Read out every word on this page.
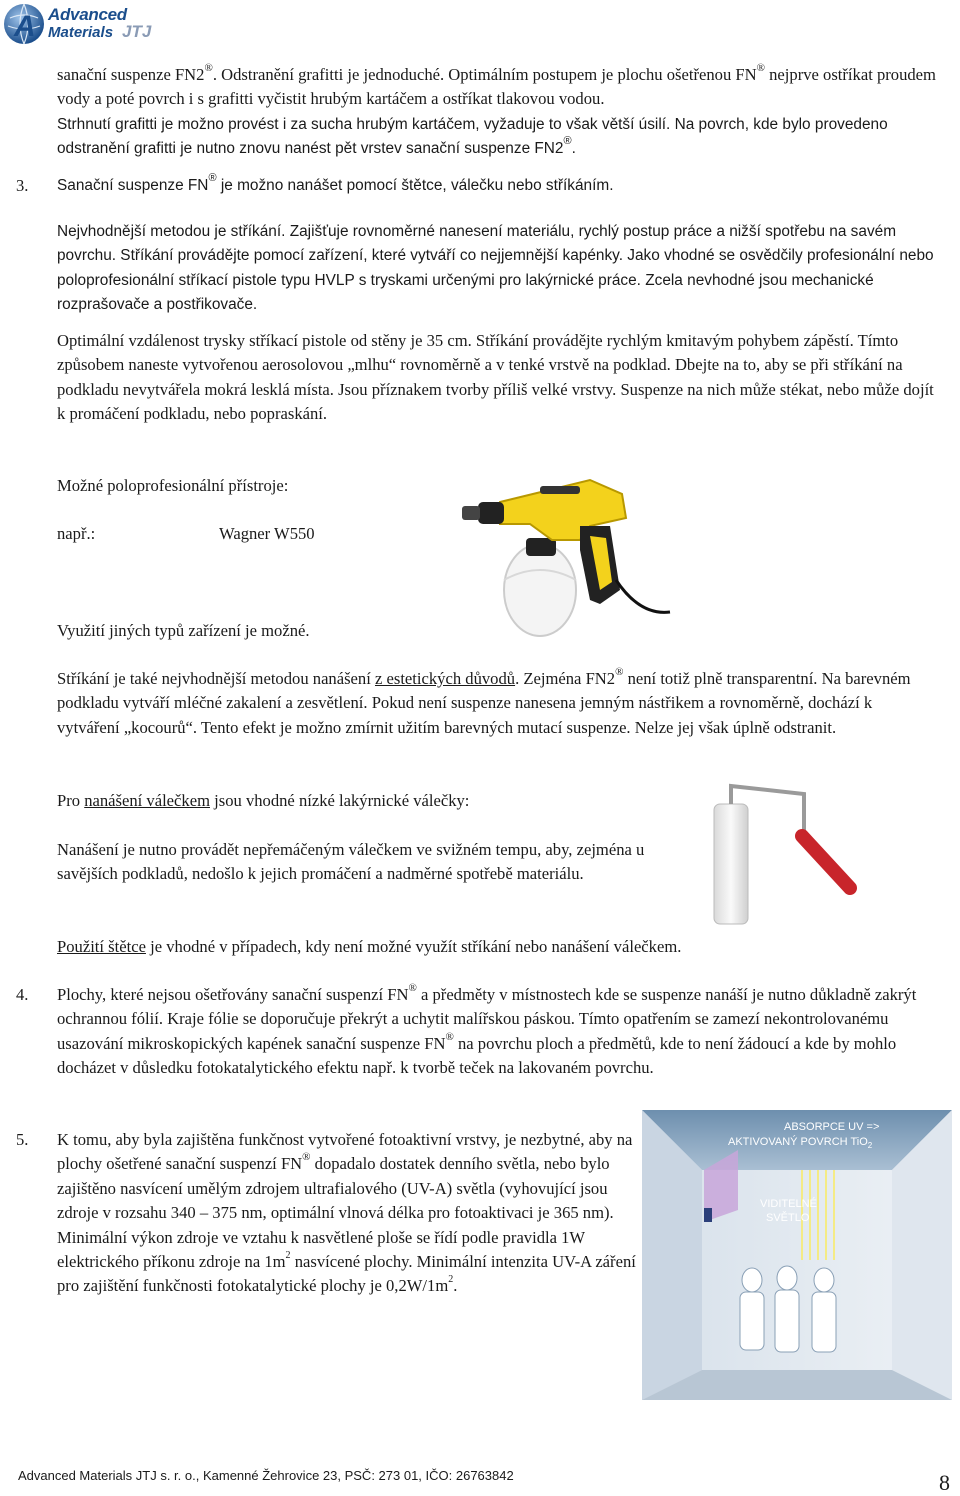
A Advanced
Materials JTJ

sanační suspenze FN2®. Odstranění grafitti je jednoduché. Optimálním postupem je plochu ošetřenou FN® nejprve ostříkat proudem vody a poté povrch i s grafitti vyčistit hrubým kartáčem a ostříkat tlakovou vodou.

Strhnutí grafitti je možno provést i za sucha hrubým kartáčem, vyžaduje to však větší úsilí. Na povrch, kde bylo provedeno odstranění grafitti je nutno znovu nanést pět vrstev sanační suspenze FN2®.

3. Sanační suspenze FN® je možno nanášet pomocí štětce, válečku nebo stříkáním.

Nejvhodnější metodou je stříkání. Zajišťuje rovnoměrné nanesení materiálu, rychlý postup práce a nižší spotřebu na savém povrchu. Stříkání provádějte pomocí zařízení, které vytváří co nejjemnější kapénky. Jako vhodné se osvědčily profesionální nebo poloprofesionální stříkací pistole typu HVLP s tryskami určenými pro lakýrnické práce. Zcela nevhodné jsou mechanické rozprašovače a postřikovače.

Optimální vzdálenost trysky stříkací pistole od stěny je 35 cm. Stříkání provádějte rychlým kmitavým pohybem zápěstí. Tímto způsobem naneste vytvořenou aerosolovou „mlhu“ rovnoměrně a v tenké vrstvě na podklad. Dbejte na to, aby se při stříkání na podkladu nevytvářela mokrá lesklá místa. Jsou příznakem tvorby příliš velké vrstvy. Suspenze na nich může stékat, nebo může dojít k promáčení podkladu, nebo popraskání.

Možné poloprofesionální přístroje:

např.:	Wagner W550

Využití jiných typů zařízení je možné.

Stříkání je také nejvhodnější metodou nanášení z estetických důvodů. Zejména FN2® není totiž plně transparentní. Na barevném podkladu vytváří mléčné zakalení a zesvětlení. Pokud není suspenze nanesena jemným nástřikem a rovnoměrně, dochází k vytváření „kocourů“. Tento efekt je možno zmírnit užitím barevných mutací suspenze. Nelze jej však úplně odstranit.

Pro nanášení válečkem jsou vhodné nízké lakýrnické válečky:

Nanášení je nutno provádět nepřemáčeným válečkem ve svižném tempu, aby, zejména u savějších podkladů, nedošlo k jejich promáčení a nadměrné spotřebě materiálu.

Použití štětce je vhodné v případech, kdy není možné využít stříkání nebo nanášení válečkem.

4. Plochy, které nejsou ošetřovány sanační suspenzí FN® a předměty v místnostech kde se suspenze nanáší je nutno důkladně zakrýt ochrannou fólií. Kraje fólie se doporučuje překrýt a uchytit malířskou páskou. Tímto opatřením se zamezí nekontrolovanému usazování mikroskopických kapének sanační suspenze FN® na povrchu ploch a předmětů, kde to není žádoucí a kde by mohlo docházet v důsledku fotokatalytického efektu např. k tvorbě teček na lakovaném povrchu.

5. K tomu, aby byla zajištěna funkčnost vytvořené fotoaktivní vrstvy, je nezbytné, aby na plochy ošetřené sanační suspenzí FN® dopadalo dostatek denního světla, nebo bylo zajištěno nasvícení umělým zdrojem ultrafialového (UV-A) světla (vyhovující jsou zdroje v rozsahu 340 – 375 nm, optimální vlnová délka pro fotoaktivaci je 365 nm). Minimální výkon zdroje ve vztahu k nasvětlené ploše se řídí podle pravidla 1W elektrického příkonu zdroje na $1m^2$ nasvícené plochy. Minimální intenzita UV-A záření pro zajištění funkčnosti fotokatalytické plochy je $0,2W/1m^2$.

ABSORPCE UV =>
AKTIVOVANÝ POVRCH TiO$_2$
VIDITELNÉ
SVĚTLO
Advanced Materials JTJ s. r. o., Kamenné Žehrovice 23, PSČ: 273 01, IČO: 26763842	8
